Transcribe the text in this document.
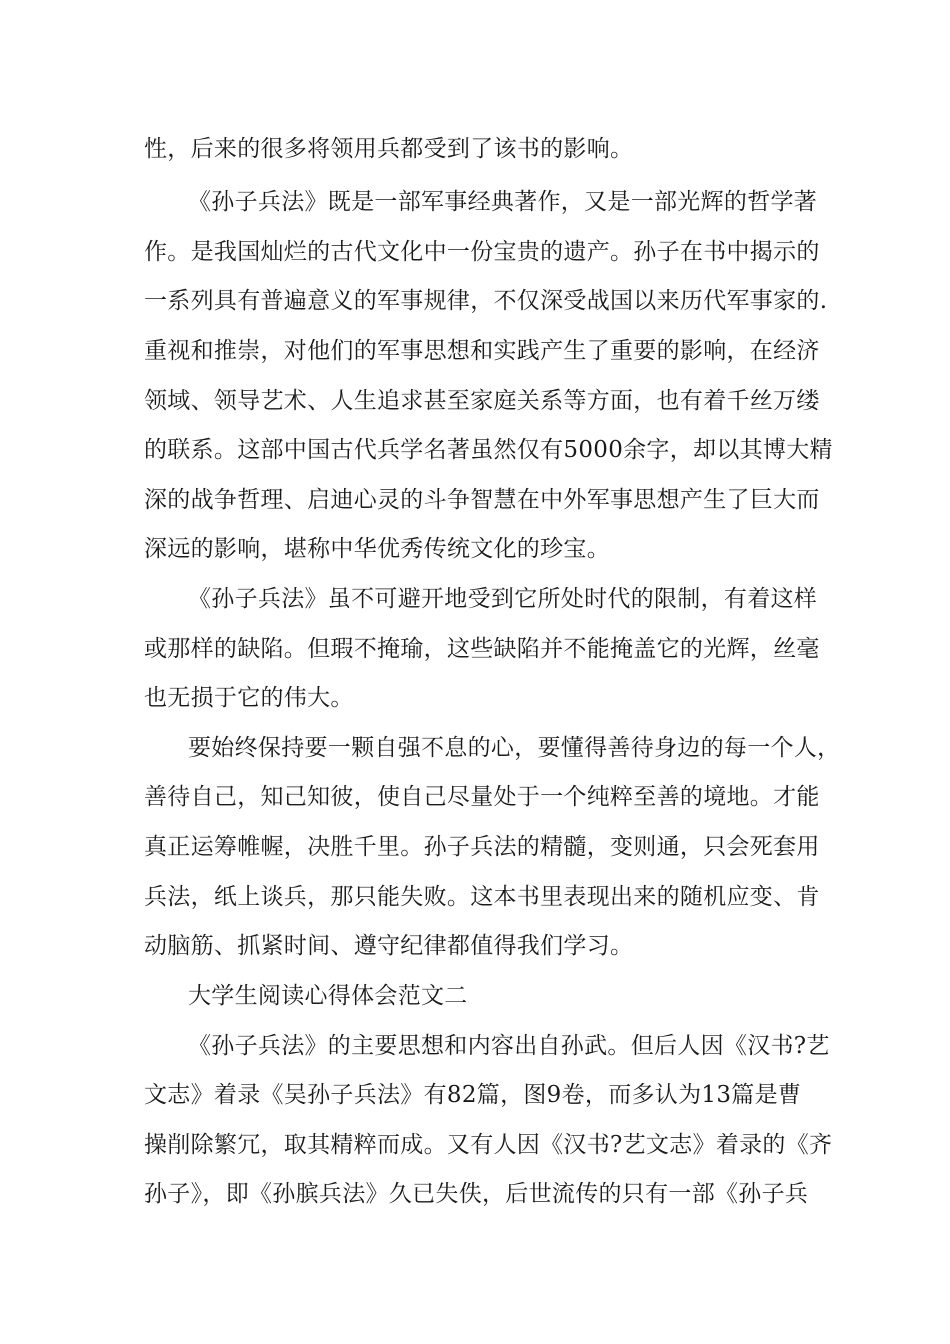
性，后来的很多将领用兵都受到了该书的影响。
《孙子兵法》既是一部军事经典著作，又是一部光辉的哲学著
作。是我国灿烂的古代文化中一份宝贵的遗产。孙子在书中揭示的
一系列具有普遍意义的军事规律，不仅深受战国以来历代军事家的.
重视和推崇，对他们的军事思想和实践产生了重要的影响，在经济
领域、领导艺术、人生追求甚至家庭关系等方面，也有着千丝万缕
的联系。这部中国古代兵学名著虽然仅有5000余字，却以其博大精
深的战争哲理、启迪心灵的斗争智慧在中外军事思想产生了巨大而
深远的影响，堪称中华优秀传统文化的珍宝。
《孙子兵法》虽不可避开地受到它所处时代的限制，有着这样
或那样的缺陷。但瑕不掩瑜，这些缺陷并不能掩盖它的光辉，丝毫
也无损于它的伟大。
要始终保持要一颗自强不息的心，要懂得善待身边的每一个人，
善待自己，知己知彼，使自己尽量处于一个纯粹至善的境地。才能
真正运筹帷幄，决胜千里。孙子兵法的精髓，变则通，只会死套用
兵法，纸上谈兵，那只能失败。这本书里表现出来的随机应变、肯
动脑筋、抓紧时间、遵守纪律都值得我们学习。
大学生阅读心得体会范文二
《孙子兵法》的主要思想和内容出自孙武。但后人因《汉书?艺
文志》着录《吴孙子兵法》有82篇，图9卷，而多认为13篇是曹
操削除繁冗，取其精粹而成。又有人因《汉书?艺文志》着录的《齐
孙子》，即《孙膑兵法》久已失佚，后世流传的只有一部《孙子兵
